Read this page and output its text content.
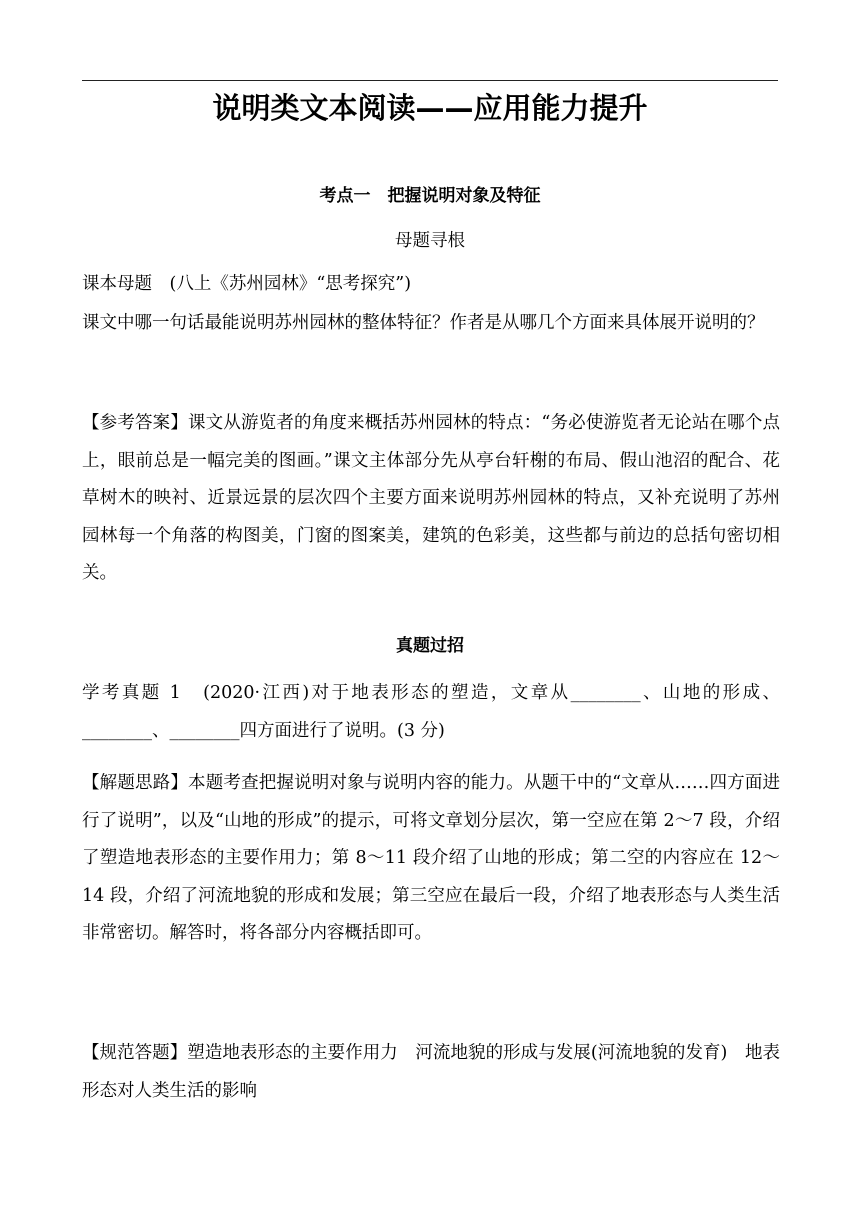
说明类文本阅读——应用能力提升
考点一　把握说明对象及特征
母题寻根

课本母题　(八上《苏州园林》“思考探究”)

课文中哪一句话最能说明苏州园林的整体特征？作者是从哪几个方面来具体展开说明的？

【参考答案】课文从游览者的角度来概括苏州园林的特点：“务必使游览者无论站在哪个点上，眼前总是一幅完美的图画。”课文主体部分先从亭台轩榭的布局、假山池沼的配合、花草树木的映衬、近景远景的层次四个主要方面来说明苏州园林的特点，又补充说明了苏州园林每一个角落的构图美，门窗的图案美，建筑的色彩美，这些都与前边的总括句密切相关。

真题过招

学考真题 1　(2020·江西)对于地表形态的塑造，文章从________、山地的形成、________、________四方面进行了说明。(3 分)

【解题思路】本题考查把握说明对象与说明内容的能力。从题干中的“文章从……四方面进行了说明”，以及“山地的形成”的提示，可将文章划分层次，第一空应在第 2～7 段，介绍了塑造地表形态的主要作用力；第 8～11 段介绍了山地的形成；第二空的内容应在 12～14 段，介绍了河流地貌的形成和发展；第三空应在最后一段，介绍了地表形态与人类生活非常密切。解答时，将各部分内容概括即可。

【规范答题】塑造地表形态的主要作用力　河流地貌的形成与发展(河流地貌的发育)　地表形态对人类生活的影响
